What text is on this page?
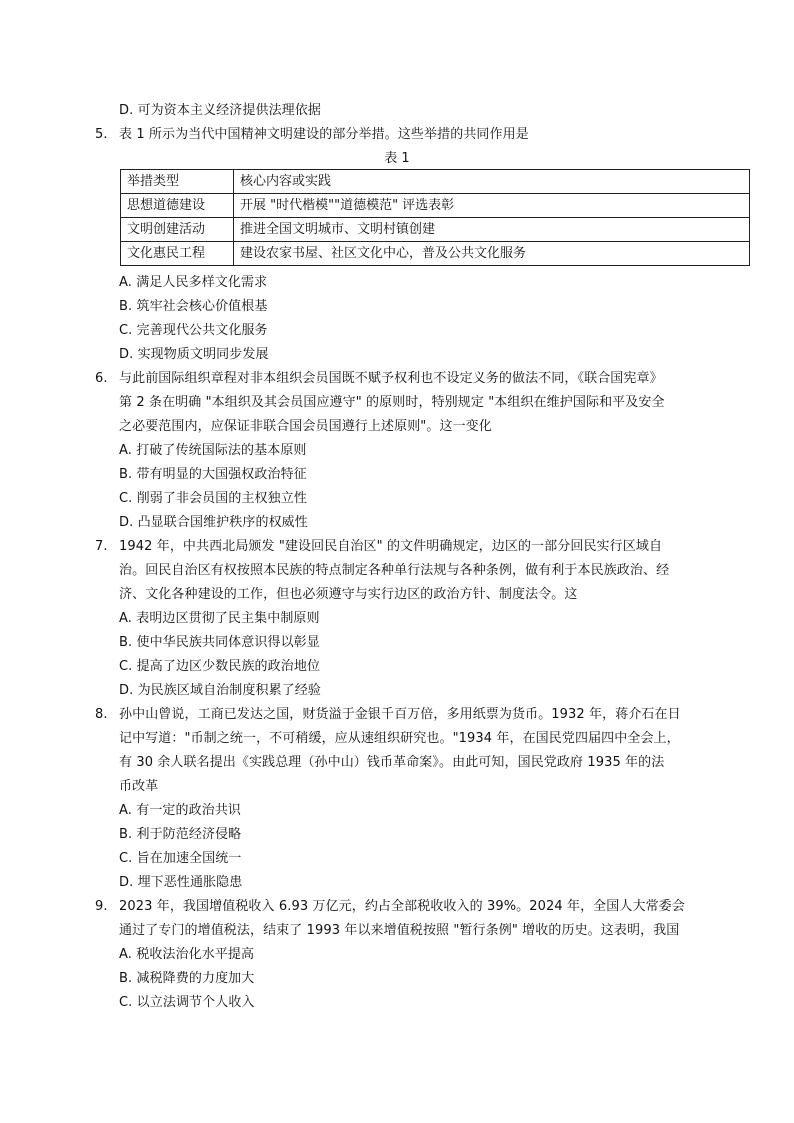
D. 可为资本主义经济提供法理依据
5. 表 1 所示为当代中国精神文明建设的部分举措。这些举措的共同作用是
表 1
举措类型	核心内容或实践
思想道德建设	开展 "时代楷模""道德模范" 评选表彰
文明创建活动	推进全国文明城市、文明村镇创建
文化惠民工程	建设农家书屋、社区文化中心，普及公共文化服务
A. 满足人民多样文化需求
B. 筑牢社会核心价值根基
C. 完善现代公共文化服务
D. 实现物质文明同步发展
6. 与此前国际组织章程对非本组织会员国既不赋予权利也不设定义务的做法不同，《联合国宪章》
第 2 条在明确 "本组织及其会员国应遵守" 的原则时，特别规定 "本组织在维护国际和平及安全
之必要范围内，应保证非联合国会员国遵行上述原则"。这一变化
A. 打破了传统国际法的基本原则
B. 带有明显的大国强权政治特征
C. 削弱了非会员国的主权独立性
D. 凸显联合国维护秩序的权威性
7. 1942 年，中共西北局颁发 "建设回民自治区" 的文件明确规定，边区的一部分回民实行区域自
治。回民自治区有权按照本民族的特点制定各种单行法规与各种条例，做有利于本民族政治、经
济、文化各种建设的工作，但也必须遵守与实行边区的政治方针、制度法令。这
A. 表明边区贯彻了民主集中制原则
B. 使中华民族共同体意识得以彰显
C. 提高了边区少数民族的政治地位
D. 为民族区域自治制度积累了经验
8. 孙中山曾说，工商已发达之国，财货溢于金银千百万倍，多用纸票为货币。1932 年，蒋介石在日
记中写道："币制之统一，不可稍缓，应从速组织研究也。"1934 年，在国民党四届四中全会上，
有 30 余人联名提出《实践总理（孙中山）钱币革命案》。由此可知，国民党政府 1935 年的法
币改革
A. 有一定的政治共识
B. 利于防范经济侵略
C. 旨在加速全国统一
D. 埋下恶性通胀隐患
9. 2023 年，我国增值税收入 6.93 万亿元，约占全部税收收入的 39%。2024 年，全国人大常委会
通过了专门的增值税法，结束了 1993 年以来增值税按照 "暂行条例" 增收的历史。这表明，我国
A. 税收法治化水平提高
B. 减税降费的力度加大
C. 以立法调节个人收入
